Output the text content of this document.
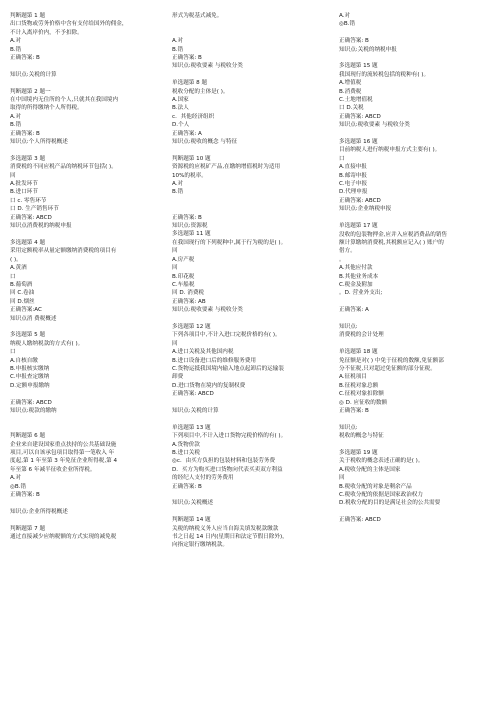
判断题第 1 题
出口货物或劳务价格中含有支付给国外的佣金，
不计入离岸价内，不予扣除。
A.对
B.错
正确答案: B
知识点:关税的计算
判断题第 2 题一
在中国境内无住所的个人,只就其在我国境内
取得的所得缴纳个人所得税。
A.对
B.错
正确答案: B
知识点:个人所得税概述
多选题第 3 题
消费税的不同应税产品的纳税环节包括( )。
回
A.批发环节
B.进口环节
口 c. 零售环节
口 D. 生产销售环节
正确答案: ABCD
知识点消费税的纳税申报
多选题第 4 题
采用定额税率从量定额缴纳消费税的项目有
( )。
A.黄酒
口
B.葡萄酒
回 C.卷油
回 D.烟丝
正确答案:AC
知识点消 费税概述
多选题第 5 题
纳税人缴纳税款的方式有( )。
口
A.自核自缴
B.申报核实缴纳
C.申报查定缴纳
D.定额申报缴纳
正确答案: ABCD
知识点:税款的缴纳
判断题第 6 题
企业来自建设国家重点扶持的公共基础设施
项目,可以自该承包项目取得第一笔收入 年
度起,第 1 年至第 3 年免征企业所得税,第 4
年至第 6 年减半征收企业所得税。
A.对
◎B.错
正确答案: B
知识点:企业所得税概述
判断题第 7 题
通过直接减少应纳税额的方式实现的减免税
形式为税基式减免。
A.对
B.错
正确答案: B
知识点:税收要素 与税收分类
单选题第 8 题
税收分配的主体是( )。
A.国家
B.法人
c．其他经济组织
D.个人
正确答案: A
知识点:税收的概念 与特征
判断题第 10 题
资源税的应税矿产品,在缴纳增值税时为适用
10%的税率。
A.对
B.错
正确答案: B
知识点:资源税
多选题第 11 题
在我国现行的下列税种中,属于行为税的是( )。
回
A.房产税
回
B.印花税
C.车船税
回 D. 消费税
正确答案: AB
知识点:税收要素 与税收分类
多选题第 12 题
下列各项目中,不计入进口完税价格的有( )。
回
A.进口关税及其他国内税
B.进口设备进口后的维修服务费用
C.货物运抵我国境内输入地点起卸后的运输装
卸费
D.进口货物在境内的复制权费
正确答案: ABCD
知识点:关税的计算
单选题第 13 题
下列项目中,不计入进口货物完税价格的有( )。
A.货物价款
B.进口关税
◎c．由买方负担的包装材料和包装劳务费
D．买方为购买进口货物向代表买卖双方利益
的经纪人支付的劳务费用
正确答案: B
知识点:关税概述
判断题第 14 题
关税的纳税义务人应当自海关填发税款缴款
书之日起 14 日内(星期日和法定节假日除外)，
向指定银行缴纳税款。
A.对
◎B.错
正确答案: B
知识点:关税的纳税申报
多选题第 15 题
我国现行的流转税包括的税种有( )。
A.增值税
B.消费税
C.土地增值税
口 D.关税
正确答案: ABCD
知识点:税收要素 与税收分类
多选题第 16 题
目前纳税人进行纳税申报方式主要有( )。
口
A.直接申报
B.邮寄申报
C.电子申报
D.代理申报
正确答案: ABCD
知识点:企业纳税申报
单选题第 17 题
没收的包装物押金,应并入应税消费品的销售
额计算缴纳消费税,其税额应记入( ) 账户的
借方。
。
A.其他应付款
B.其他业务成本
C.税金及附加
。D. 营业外支出;
正确答案: A
知识点:
消费税的会计处理
单选题第 18 题
免征额是对( ) 中免于征税的数额,免征额部
分不征税,只对超过免征额的部分征税。
A.征税项目
B.征税对象总额
C.征税对象扣除额
◎ D. 应征收的数额
正确答案: B
知识点:
税收的概念与特征
多选题第 19 题
关于税收的概念表述正确的是( )。
A.税收分配的主体是国家
回
B.税收分配的对象是剩余产品
C.税收分配的依据是国家政治权力
D.税收分配的目的是满足社会的公共需要
正确答案: ABCD
